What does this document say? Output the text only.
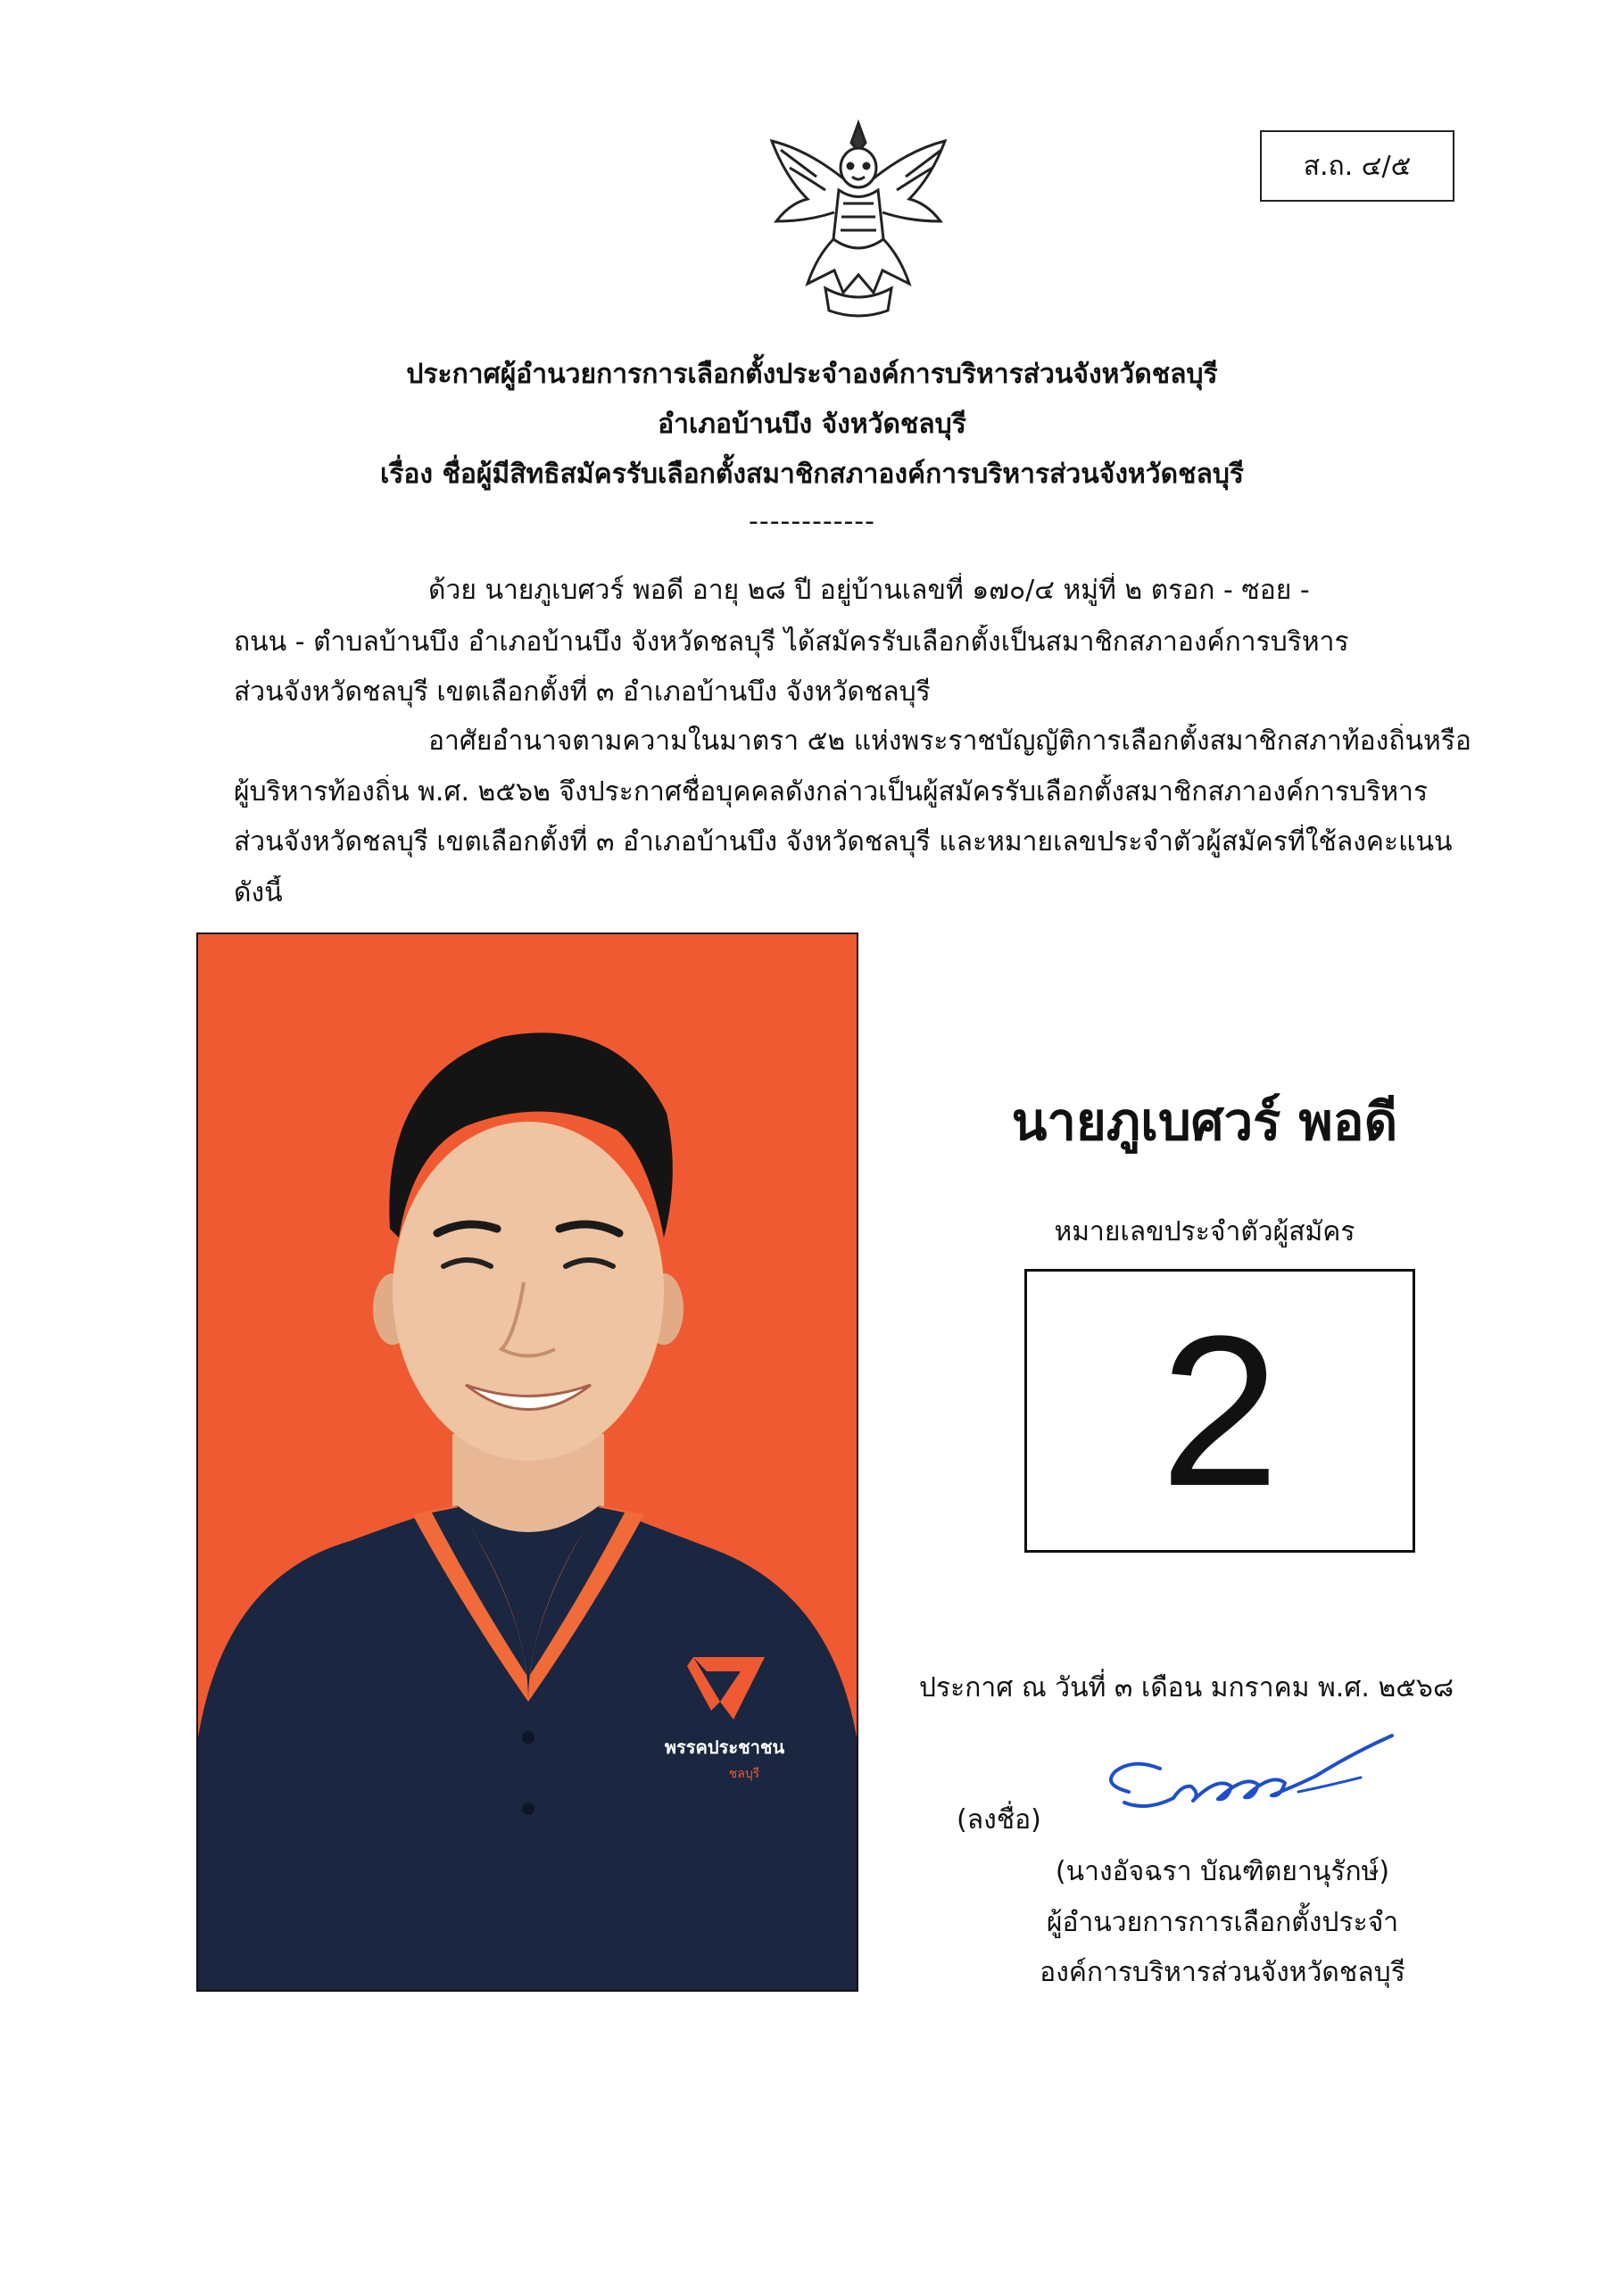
ส.ถ. ๔/๕
ประกาศผู้อำนวยการการเลือกตั้งประจำองค์การบริหารส่วนจังหวัดชลบุรี
อำเภอบ้านบึง จังหวัดชลบุรี
เรื่อง ชื่อผู้มีสิทธิสมัครรับเลือกตั้งสมาชิกสภาองค์การบริหารส่วนจังหวัดชลบุรี
------------
ด้วย นายภูเบศวร์ พอดี อายุ ๒๘ ปี อยู่บ้านเลขที่ ๑๗๐/๔ หมู่ที่ ๒ ตรอก - ซอย -
ถนน - ตำบลบ้านบึง อำเภอบ้านบึง จังหวัดชลบุรี ได้สมัครรับเลือกตั้งเป็นสมาชิกสภาองค์การบริหาร
ส่วนจังหวัดชลบุรี เขตเลือกตั้งที่ ๓ อำเภอบ้านบึง จังหวัดชลบุรี
อาศัยอำนาจตามความในมาตรา ๕๒ แห่งพระราชบัญญัติการเลือกตั้งสมาชิกสภาท้องถิ่นหรือ
ผู้บริหารท้องถิ่น พ.ศ. ๒๕๖๒ จึงประกาศชื่อบุคคลดังกล่าวเป็นผู้สมัครรับเลือกตั้งสมาชิกสภาองค์การบริหาร
ส่วนจังหวัดชลบุรี เขตเลือกตั้งที่ ๓ อำเภอบ้านบึง จังหวัดชลบุรี และหมายเลขประจำตัวผู้สมัครที่ใช้ลงคะแนน
ดังนี้
พรรคประชาชน
ชลบุรี
นายภูเบศวร์ พอดี
หมายเลขประจำตัวผู้สมัคร
2
ประกาศ ณ วันที่ ๓ เดือน มกราคม พ.ศ. ๒๕๖๘
(ลงชื่อ)
(นางอัจฉรา บัณฑิตยานุรักษ์)
ผู้อำนวยการการเลือกตั้งประจำ
องค์การบริหารส่วนจังหวัดชลบุรี
